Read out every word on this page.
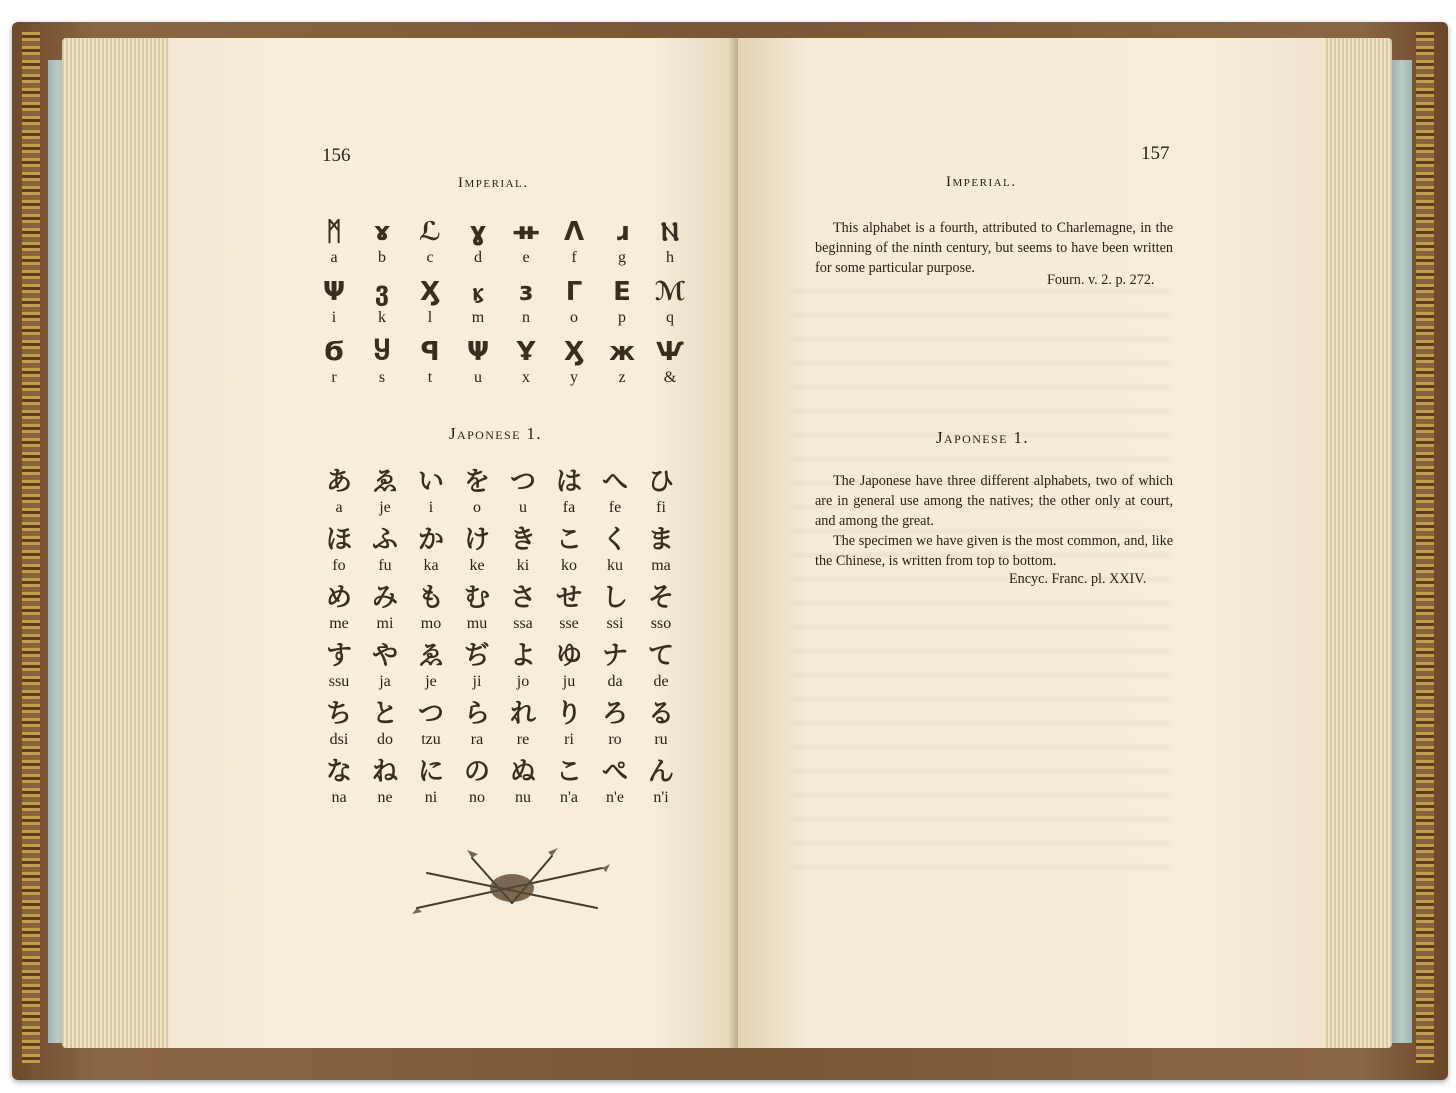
156
Imperial.
ᛗ
a
ɤ
b
ℒ
c
ɣ
d
ᚑ
e
ᐱ
f
ɹ
g
Ⲛ
h
Ψ
i
ვ
k
Ӽ
l
ⳤ
m
ɜ
n
Γ
o
Ε
p
ℳ
q
Ϭ
r
Ⴘ
s
ꟼ
t
Ψ
u
Ұ
x
Ӽ
y
ж
z
Ѱ
&
Japonese 1.
あ
a
ゑ
je
い
i
を
o
つ
u
は
fa
へ
fe
ひ
fi
ほ
fo
ふ
fu
か
ka
け
ke
き
ki
こ
ko
く
ku
ま
ma
め
me
み
mi
も
mo
む
mu
さ
ssa
せ
sse
し
ssi
そ
sso
す
ssu
や
ja
ゑ
je
ぢ
ji
よ
jo
ゆ
ju
ナ
da
て
de
ち
dsi
と
do
つ
tzu
ら
ra
れ
re
り
ri
ろ
ro
る
ru
な
na
ね
ne
に
ni
の
no
ぬ
nu
こ
n'a
ぺ
n'e
ん
n'i
157
Imperial.

This alphabet is a fourth, attributed to Charlemagne, in the beginning of the ninth century, but seems to have been written for some particular purpose.

Fourn. v. 2. p. 272.
Japonese 1.

The Japonese have three different alphabets, two of which are in general use among the natives; the other only at court, and among the great.

The specimen we have given is the most common, and, like the Chinese, is written from top to bottom.

Encyc. Franc. pl. XXIV.
